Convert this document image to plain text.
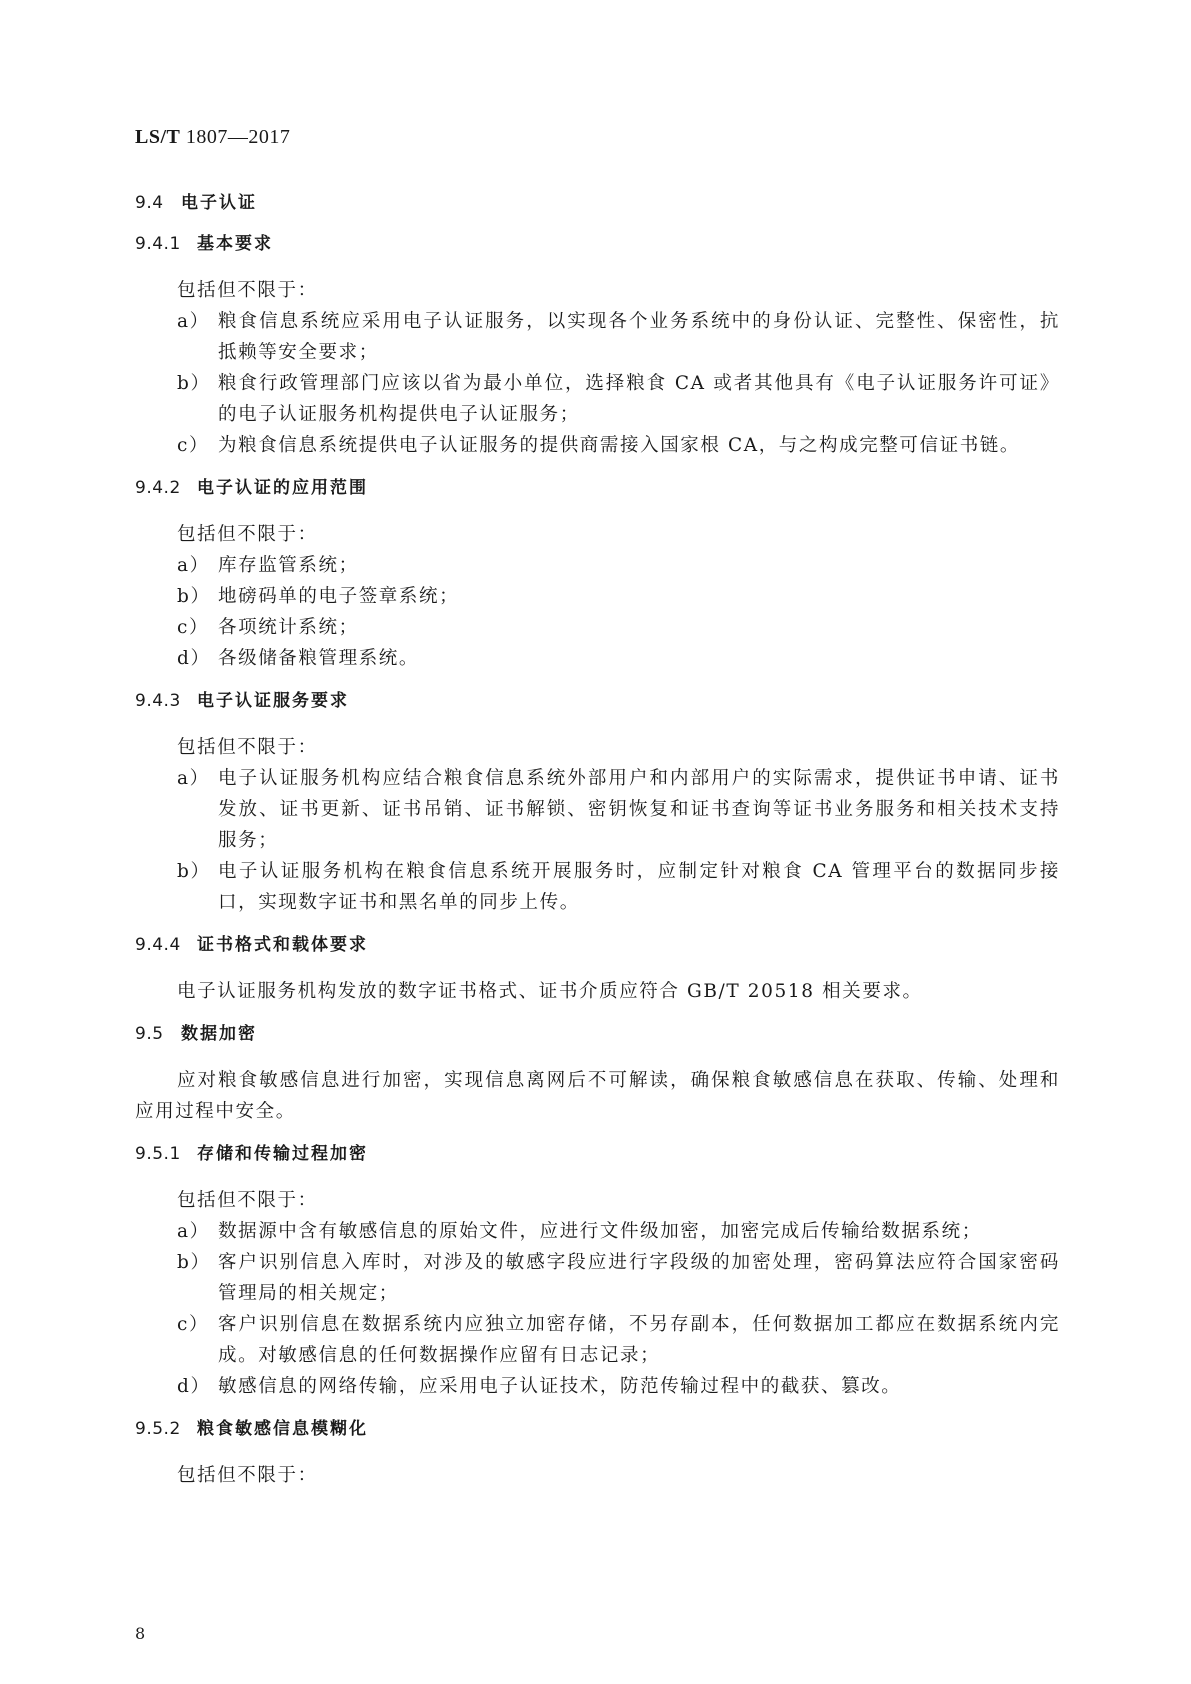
LS/T 1807—2017
9.4 电子认证
9.4.1 基本要求

包括但不限于：

a） 粮食信息系统应采用电子认证服务，以实现各个业务系统中的身份认证、完整性、保密性，抗抵赖等安全要求；
b） 粮食行政管理部门应该以省为最小单位，选择粮食 CA 或者其他具有《电子认证服务许可证》的电子认证服务机构提供电子认证服务；
c） 为粮食信息系统提供电子认证服务的提供商需接入国家根 CA，与之构成完整可信证书链。
9.4.2 电子认证的应用范围

包括但不限于：

a） 库存监管系统；
b） 地磅码单的电子签章系统；
c） 各项统计系统；
d） 各级储备粮管理系统。
9.4.3 电子认证服务要求

包括但不限于：

a） 电子认证服务机构应结合粮食信息系统外部用户和内部用户的实际需求，提供证书申请、证书发放、证书更新、证书吊销、证书解锁、密钥恢复和证书查询等证书业务服务和相关技术支持服务；
b） 电子认证服务机构在粮食信息系统开展服务时，应制定针对粮食 CA 管理平台的数据同步接口，实现数字证书和黑名单的同步上传。
9.4.4 证书格式和载体要求

电子认证服务机构发放的数字证书格式、证书介质应符合 GB/T 20518 相关要求。

9.5 数据加密

应对粮食敏感信息进行加密，实现信息离网后不可解读，确保粮食敏感信息在获取、传输、处理和应用过程中安全。

9.5.1 存储和传输过程加密

包括但不限于：

a） 数据源中含有敏感信息的原始文件，应进行文件级加密，加密完成后传输给数据系统；
b） 客户识别信息入库时，对涉及的敏感字段应进行字段级的加密处理，密码算法应符合国家密码管理局的相关规定；
c） 客户识别信息在数据系统内应独立加密存储，不另存副本，任何数据加工都应在数据系统内完成。对敏感信息的任何数据操作应留有日志记录；
d） 敏感信息的网络传输，应采用电子认证技术，防范传输过程中的截获、篡改。
9.5.2 粮食敏感信息模糊化

包括但不限于：

8
